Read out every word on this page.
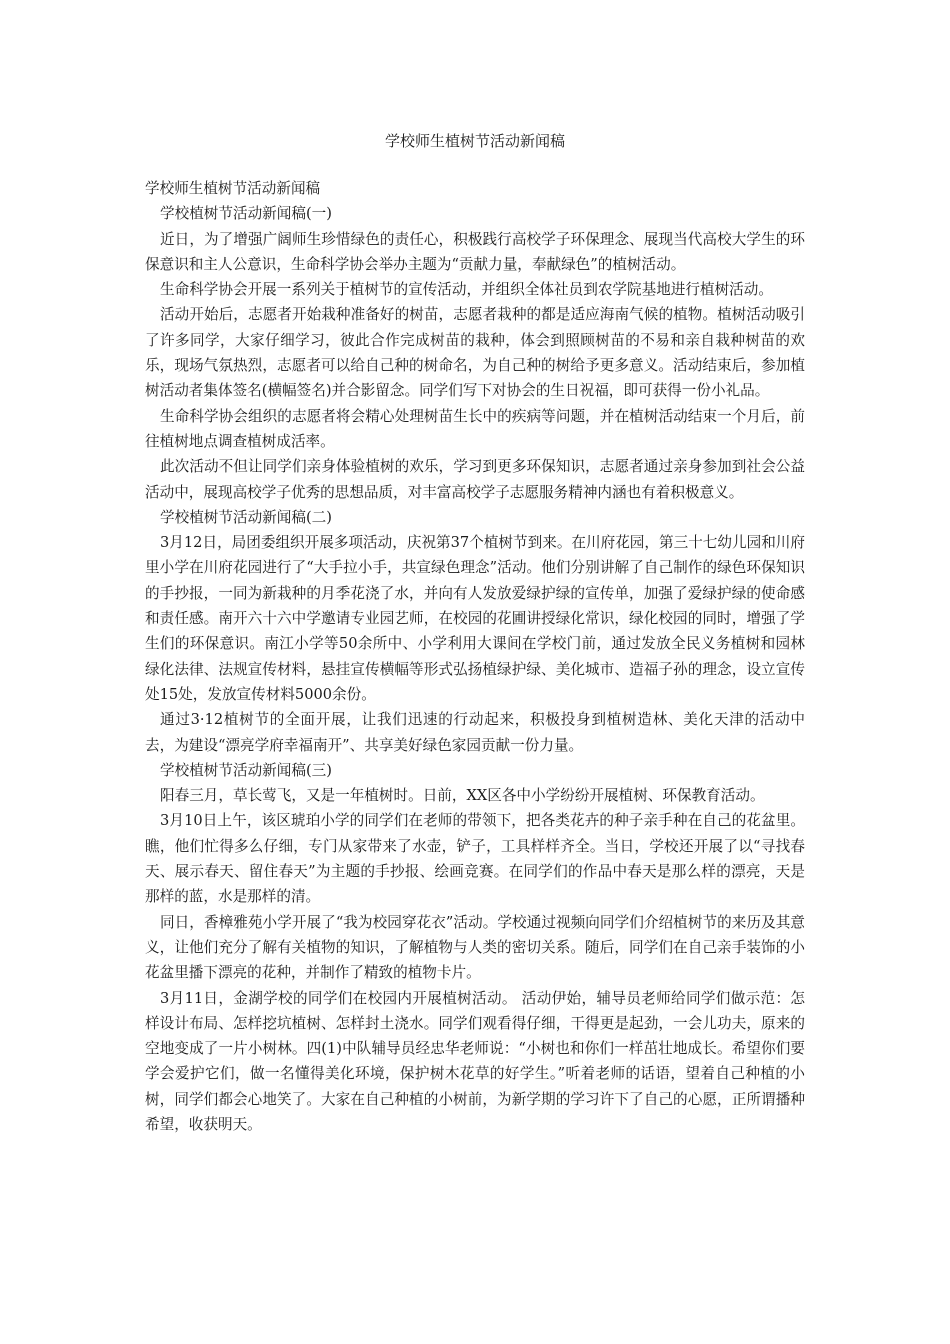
学校师生植树节活动新闻稿

学校师生植树节活动新闻稿

学校植树节活动新闻稿(一)

近日，为了增强广阔师生珍惜绿色的责任心，积极践行高校学子环保理念、展现当代高校大学生的环保意识和主人公意识，生命科学协会举办主题为“贡献力量，奉献绿色”的植树活动。

生命科学协会开展一系列关于植树节的宣传活动，并组织全体社员到农学院基地进行植树活动。

活动开始后，志愿者开始栽种准备好的树苗，志愿者栽种的都是适应海南气候的植物。植树活动吸引了许多同学，大家仔细学习，彼此合作完成树苗的栽种，体会到照顾树苗的不易和亲自栽种树苗的欢乐，现场气氛热烈，志愿者可以给自己种的树命名，为自己种的树给予更多意义。活动结束后，参加植树活动者集体签名(横幅签名)并合影留念。同学们写下对协会的生日祝福，即可获得一份小礼品。

生命科学协会组织的志愿者将会精心处理树苗生长中的疾病等问题，并在植树活动结束一个月后，前往植树地点调查植树成活率。

此次活动不但让同学们亲身体验植树的欢乐，学习到更多环保知识，志愿者通过亲身参加到社会公益活动中，展现高校学子优秀的思想品质，对丰富高校学子志愿服务精神内涵也有着积极意义。

学校植树节活动新闻稿(二)

3月12日，局团委组织开展多项活动，庆祝第37个植树节到来。在川府花园，第三十七幼儿园和川府里小学在川府花园进行了“大手拉小手，共宣绿色理念”活动。他们分别讲解了自己制作的绿色环保知识的手抄报，一同为新栽种的月季花浇了水，并向有人发放爱绿护绿的宣传单，加强了爱绿护绿的使命感和责任感。南开六十六中学邀请专业园艺师，在校园的花圃讲授绿化常识，绿化校园的同时，增强了学生们的环保意识。南江小学等50余所中、小学利用大课间在学校门前，通过发放全民义务植树和园林绿化法律、法规宣传材料，悬挂宣传横幅等形式弘扬植绿护绿、美化城市、造福子孙的理念，设立宣传处15处，发放宣传材料5000余份。

通过3·12植树节的全面开展，让我们迅速的行动起来，积极投身到植树造林、美化天津的活动中去，为建设“漂亮学府幸福南开”、共享美好绿色家园贡献一份力量。

学校植树节活动新闻稿(三)

阳春三月，草长莺飞，又是一年植树时。日前，XX区各中小学纷纷开展植树、环保教育活动。

3月10日上午，该区琥珀小学的同学们在老师的带领下，把各类花卉的种子亲手种在自己的花盆里。瞧，他们忙得多么仔细，专门从家带来了水壶，铲子，工具样样齐全。当日，学校还开展了以“寻找春天、展示春天、留住春天”为主题的手抄报、绘画竞赛。在同学们的作品中春天是那么样的漂亮，天是那样的蓝，水是那样的清。

同日，香樟雅苑小学开展了“我为校园穿花衣”活动。学校通过视频向同学们介绍植树节的来历及其意义，让他们充分了解有关植物的知识，了解植物与人类的密切关系。随后，同学们在自己亲手装饰的小花盆里播下漂亮的花种，并制作了精致的植物卡片。

3月11日，金湖学校的同学们在校园内开展植树活动。 活动伊始，辅导员老师给同学们做示范：怎样设计布局、怎样挖坑植树、怎样封土浇水。同学们观看得仔细，干得更是起劲，一会儿功夫，原来的空地变成了一片小树林。四(1)中队辅导员经忠华老师说：“小树也和你们一样茁壮地成长。希望你们要学会爱护它们，做一名懂得美化环境，保护树木花草的好学生。”听着老师的话语，望着自己种植的小树，同学们都会心地笑了。大家在自己种植的小树前，为新学期的学习许下了自己的心愿，正所谓播种希望，收获明天。
